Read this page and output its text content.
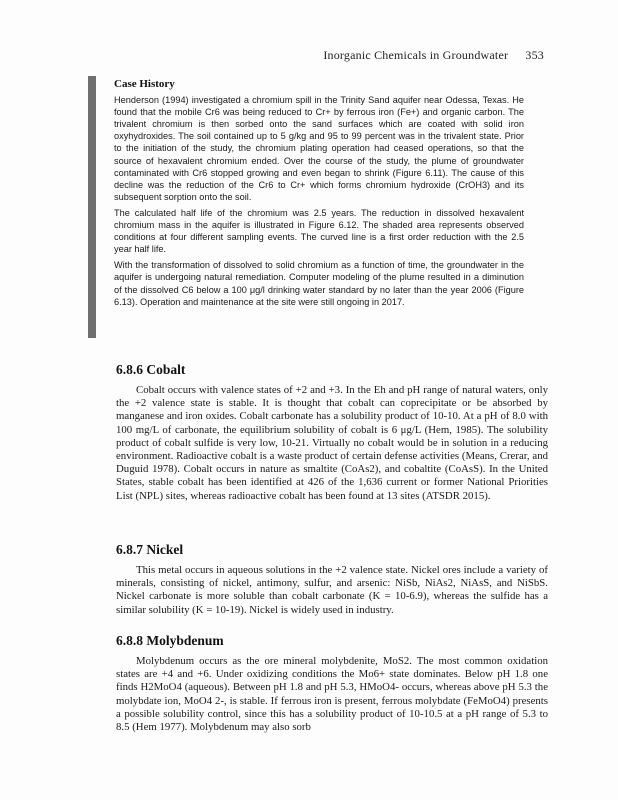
Inorganic Chemicals in Groundwater 353
Case History

Henderson (1994) investigated a chromium spill in the Trinity Sand aquifer near Odessa, Texas. He found that the mobile Cr6 was being reduced to Cr+ by ferrous iron (Fe+) and organic carbon. The trivalent chromium is then sorbed onto the sand surfaces which are coated with solid iron oxyhydroxides. The soil contained up to 5 g/kg and 95 to 99 percent was in the trivalent state. Prior to the initiation of the study, the chromium plating operation had ceased operations, so that the source of hexavalent chromium ended. Over the course of the study, the plume of groundwater contaminated with Cr6 stopped growing and even began to shrink (Figure 6.11). The cause of this decline was the reduction of the Cr6 to Cr+ which forms chromium hydroxide (CrOH3) and its subsequent sorption onto the soil.

The calculated half life of the chromium was 2.5 years. The reduction in dissolved hexavalent chromium mass in the aquifer is illustrated in Figure 6.12. The shaded area represents observed conditions at four different sampling events. The curved line is a first order reduction with the 2.5 year half life.

With the transformation of dissolved to solid chromium as a function of time, the groundwater in the aquifer is undergoing natural remediation. Computer modeling of the plume resulted in a diminution of the dissolved C6 below a 100 μg/l drinking water standard by no later than the year 2006 (Figure 6.13). Operation and maintenance at the site were still ongoing in 2017.

6.8.6 Cobalt

Cobalt occurs with valence states of +2 and +3. In the Eh and pH range of natural waters, only the +2 valence state is stable. It is thought that cobalt can coprecipitate or be absorbed by manganese and iron oxides. Cobalt carbonate has a solubility product of 10-10. At a pH of 8.0 with 100 mg/L of carbonate, the equilibrium solubility of cobalt is 6 μg/L (Hem, 1985). The solubility product of cobalt sulfide is very low, 10-21. Virtually no cobalt would be in solution in a reducing environment. Radioactive cobalt is a waste product of certain defense activities (Means, Crerar, and Duguid 1978). Cobalt occurs in nature as smaltite (CoAs2), and cobaltite (CoAsS). In the United States, stable cobalt has been identified at 426 of the 1,636 current or former National Priorities List (NPL) sites, whereas radioactive cobalt has been found at 13 sites (ATSDR 2015).

6.8.7 Nickel

This metal occurs in aqueous solutions in the +2 valence state. Nickel ores include a variety of minerals, consisting of nickel, antimony, sulfur, and arsenic: NiSb, NiAs2, NiAsS, and NiSbS. Nickel carbonate is more soluble than cobalt carbonate (K = 10-6.9), whereas the sulfide has a similar solubility (K = 10-19). Nickel is widely used in industry.

6.8.8 Molybdenum

Molybdenum occurs as the ore mineral molybdenite, MoS2. The most common oxidation states are +4 and +6. Under oxidizing conditions the Mo6+ state dominates. Below pH 1.8 one finds H2MoO4 (aqueous). Between pH 1.8 and pH 5.3, HMoO4- occurs, whereas above pH 5.3 the molybdate ion, MoO4 2-, is stable. If ferrous iron is present, ferrous molybdate (FeMoO4) presents a possible solubility control, since this has a solubility product of 10-10.5 at a pH range of 5.3 to 8.5 (Hem 1977). Molybdenum may also sorb
